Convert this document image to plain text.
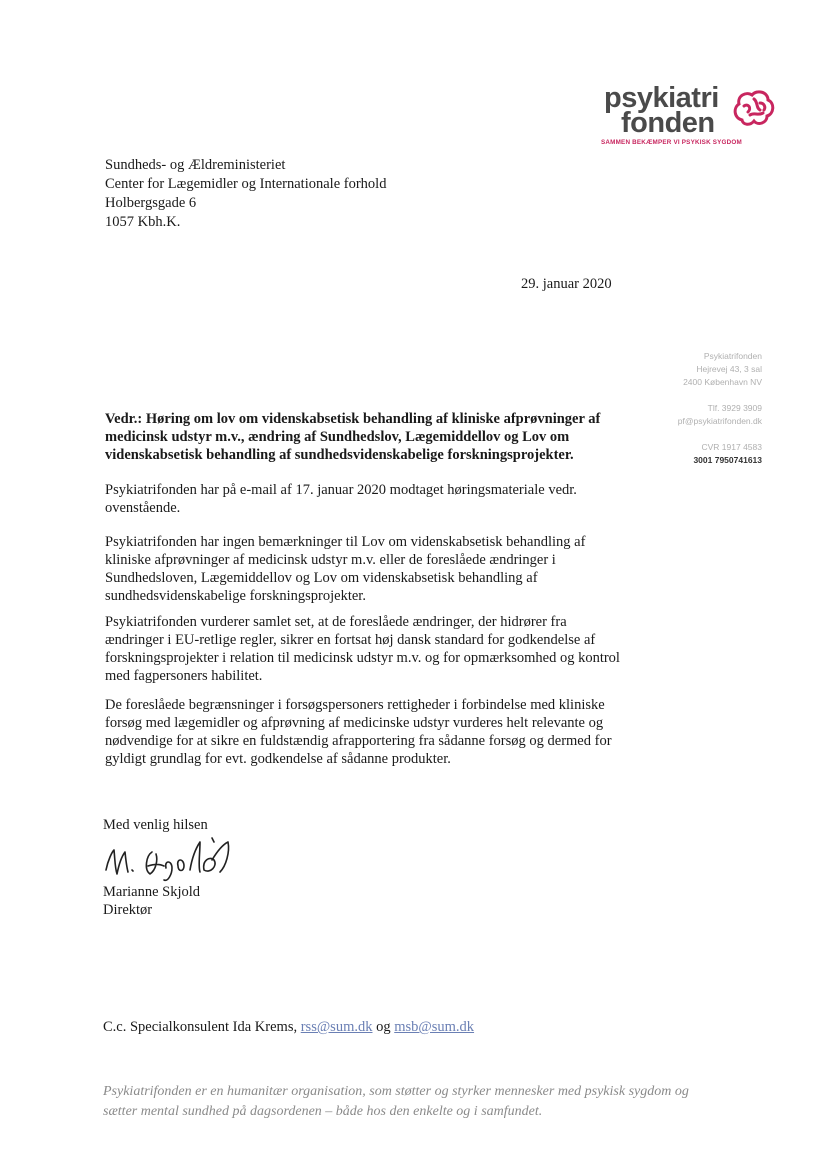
psykiatri
fonden
SAMMEN BEKÆMPER VI PSYKISK SYGDOM
Sundheds- og Ældreministeriet
Center for Lægemidler og Internationale forhold
Holbergsgade 6
1057 Kbh.K.
29. januar 2020
Psykiatrifonden
Hejrevej 43, 3 sal
2400 København NV
Tlf. 3929 3909
pf@psykiatrifonden.dk
CVR 1917 4583
3001 7950741613
Vedr.: Høring om lov om videnskabsetisk behandling af kliniske afprøvninger af medicinsk udstyr m.v., ændring af Sundhedslov, Lægemiddellov og Lov om videnskabsetisk behandling af sundhedsvidenskabelige forskningsprojekter.
Psykiatrifonden har på e-mail af 17. januar 2020 modtaget høringsmateriale vedr. ovenstående.
Psykiatrifonden har ingen bemærkninger til Lov om videnskabsetisk behandling af kliniske afprøvninger af medicinsk udstyr m.v. eller de foreslåede ændringer i Sundhedsloven, Lægemiddellov og Lov om videnskabsetisk behandling af sundhedsvidenskabelige forskningsprojekter.
Psykiatrifonden vurderer samlet set, at de foreslåede ændringer, der hidrører fra ændringer i EU-retlige regler, sikrer en fortsat høj dansk standard for godkendelse af forskningsprojekter i relation til medicinsk udstyr m.v. og for opmærksomhed og kontrol med fagpersoners habilitet.
De foreslåede begrænsninger i forsøgspersoners rettigheder i forbindelse med kliniske forsøg med lægemidler og afprøvning af medicinske udstyr vurderes helt relevante og nødvendige for at sikre en fuldstændig afrapportering fra sådanne forsøg og dermed for gyldigt grundlag for evt. godkendelse af sådanne produkter.
Med venlig hilsen
Marianne Skjold
Direktør
C.c. Specialkonsulent Ida Krems, rss@sum.dk og msb@sum.dk
Psykiatrifonden er en humanitær organisation, som støtter og styrker mennesker med psykisk sygdom og sætter mental sundhed på dagsordenen – både hos den enkelte og i samfundet.
